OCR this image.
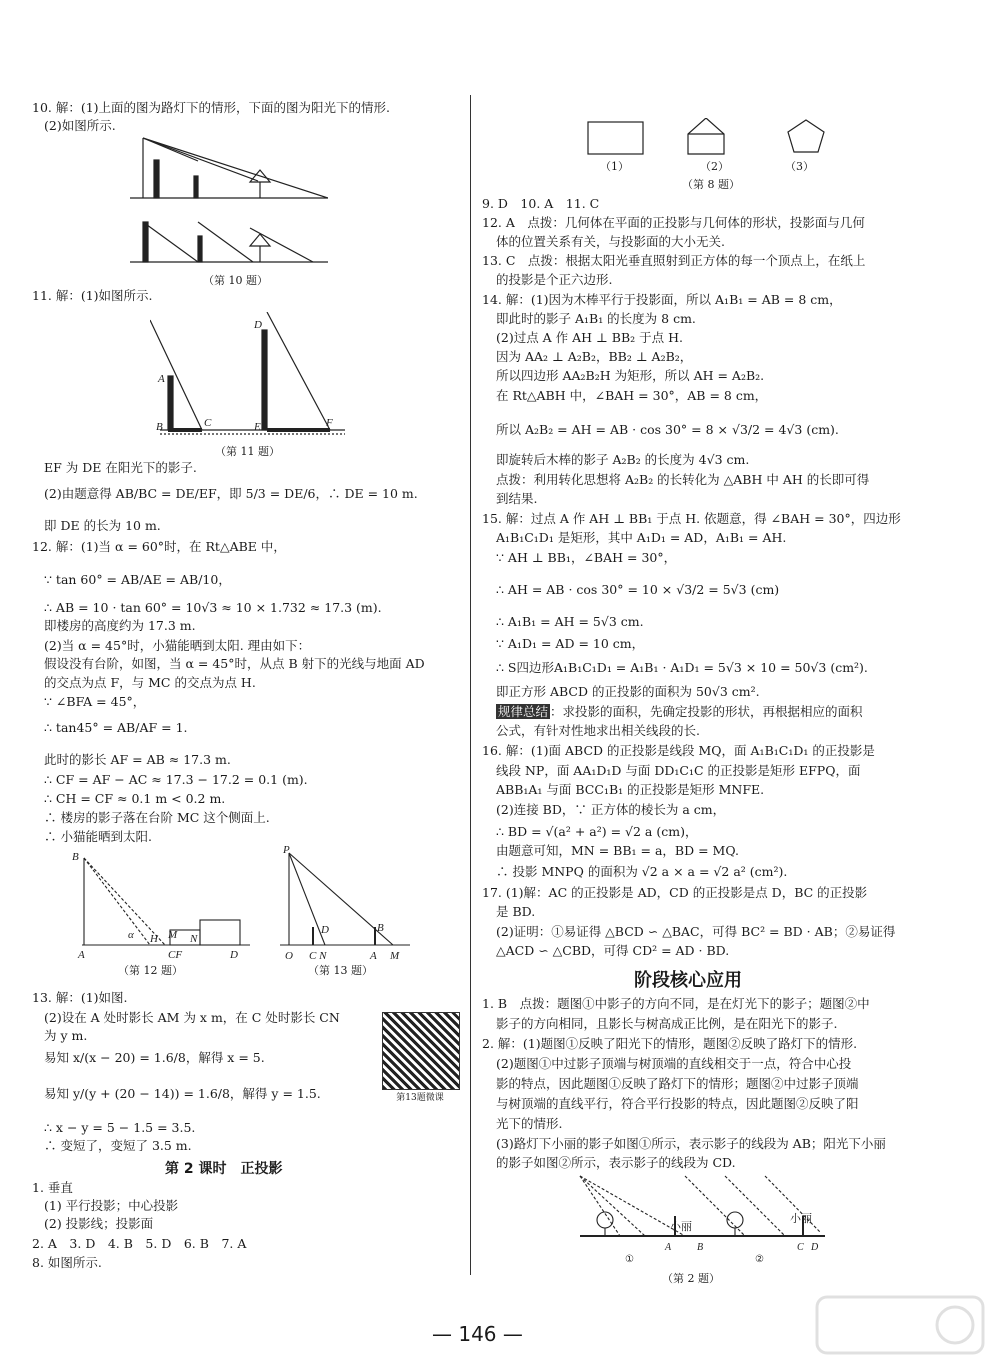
10. 解：(1)上面的图为路灯下的情形，下面的图为阳光下的情形.
(2)如图所示.
（第 10 题）
11. 解：(1)如图所示.
A
B	C
D
E	F
（第 11 题）
EF 为 DE 在阳光下的影子.
(2)由题意得 AB/BC = DE/EF，即 5/3 = DE/6，∴ DE = 10 m.
即 DE 的长为 10 m.
12. 解：(1)当 α = 60°时，在 Rt△ABE 中，
∵ tan 60° = AB/AE = AB/10，
∴ AB = 10 · tan 60° = 10√3 ≈ 10 × 1.732 ≈ 17.3 (m).
即楼房的高度约为 17.3 m.
(2)当 α = 45°时，小猫能晒到太阳. 理由如下：
假设没有台阶，如图，当 α = 45°时，从点 B 射下的光线与地面 AD
的交点为点 F，与 MC 的交点为点 H.
∵ ∠BFA = 45°，
∴ tan45° = AB/AF = 1.
此时的影长 AF = AB ≈ 17.3 m.
∴ CF = AF − AC ≈ 17.3 − 17.2 = 0.1 (m).
∴ CH = CF ≈ 0.1 m < 0.2 m.
∴ 楼房的影子落在台阶 MC 这个侧面上.
∴ 小猫能晒到太阳.
B
α H M N
A	CF	D
（第 12 题）
P
D	B
O C N	A M
（第 13 题）
13. 解：(1)如图.
(2)设在 A 处时影长 AM 为 x m，在 C 处时影长 CN
为 y m.
易知 x/(x − 20) = 1.6/8，解得 x = 5.
易知 y/(y + (20 − 14)) = 1.6/8，解得 y = 1.5.
∴ x − y = 5 − 1.5 = 3.5.
∴ 变短了，变短了 3.5 m.
第13题微课
第 2 课时　正投影
1. 垂直
(1) 平行投影；中心投影
(2) 投影线；投影面
2. A　3. D　4. B　5. D　6. B　7. A
8. 如图所示.
（1）	（2）	（3）
（第 8 题）
9. D　10. A　11. C
12. A　点拨：几何体在平面的正投影与几何体的形状，投影面与几何
体的位置关系有关，与投影面的大小无关.
13. C　点拨：根据太阳光垂直照射到正方体的每一个顶点上，在纸上
的投影是个正六边形.
14. 解：(1)因为木棒平行于投影面，所以 A₁B₁ = AB = 8 cm，
即此时的影子 A₁B₁ 的长度为 8 cm.
(2)过点 A 作 AH ⊥ BB₂ 于点 H.
因为 AA₂ ⊥ A₂B₂，BB₂ ⊥ A₂B₂，
所以四边形 AA₂B₂H 为矩形，所以 AH = A₂B₂.
在 Rt△ABH 中，∠BAH = 30°，AB = 8 cm，
所以 A₂B₂ = AH = AB · cos 30° = 8 × √3/2 = 4√3 (cm).
即旋转后木棒的影子 A₂B₂ 的长度为 4√3 cm.
点拨：利用转化思想将 A₂B₂ 的长转化为 △ABH 中 AH 的长即可得
到结果.
15. 解：过点 A 作 AH ⊥ BB₁ 于点 H. 依题意，得 ∠BAH = 30°，四边形
A₁B₁C₁D₁ 是矩形，其中 A₁D₁ = AD，A₁B₁ = AH.
∵ AH ⊥ BB₁，∠BAH = 30°，
∴ AH = AB · cos 30° = 10 × √3/2 = 5√3 (cm)
∴ A₁B₁ = AH = 5√3 cm.
∵ A₁D₁ = AD = 10 cm，
∴ S四边形A₁B₁C₁D₁ = A₁B₁ · A₁D₁ = 5√3 × 10 = 50√3 (cm²).
即正方形 ABCD 的正投影的面积为 50√3 cm².
规律总结 ：求投影的面积，先确定投影的形状，再根据相应的面积
公式，有针对性地求出相关线段的长.
16. 解：(1)面 ABCD 的正投影是线段 MQ，面 A₁B₁C₁D₁ 的正投影是
线段 NP，面 AA₁D₁D 与面 DD₁C₁C 的正投影是矩形 EFPQ，面
ABB₁A₁ 与面 BCC₁B₁ 的正投影是矩形 MNFE.
(2)连接 BD，∵ 正方体的棱长为 a cm，
∴ BD = √(a² + a²) = √2 a (cm)，
由题意可知，MN = BB₁ = a，BD = MQ.
∴ 投影 MNPQ 的面积为 √2 a × a = √2 a² (cm²).
17. (1)解：AC 的正投影是 AD，CD 的正投影是点 D，BC 的正投影
是 BD.
(2)证明：①易证得 △BCD ∽ △BAC，可得 BC² = BD · AB；②易证得
△ACD ∽ △CBD，可得 CD² = AD · BD.
阶段核心应用
1. B　点拨：题图①中影子的方向不同，是在灯光下的影子；题图②中
影子的方向相同，且影长与树高成正比例，是在阳光下的影子.
2. 解：(1)题图①反映了阳光下的情形，题图②反映了路灯下的情形.
(2)题图①中过影子顶端与树顶端的直线相交于一点，符合中心投
影的特点，因此题图①反映了路灯下的情形；题图②中过影子顶端
与树顶端的直线平行，符合平行投影的特点，因此题图②反映了阳
光下的情形.
(3)路灯下小丽的影子如图①所示，表示影子的线段为 AB；阳光下小丽
的影子如图②所示，表示影子的线段为 CD.
A	B	C D
①	②
小丽
小丽
（第 2 题）
— 146 —
